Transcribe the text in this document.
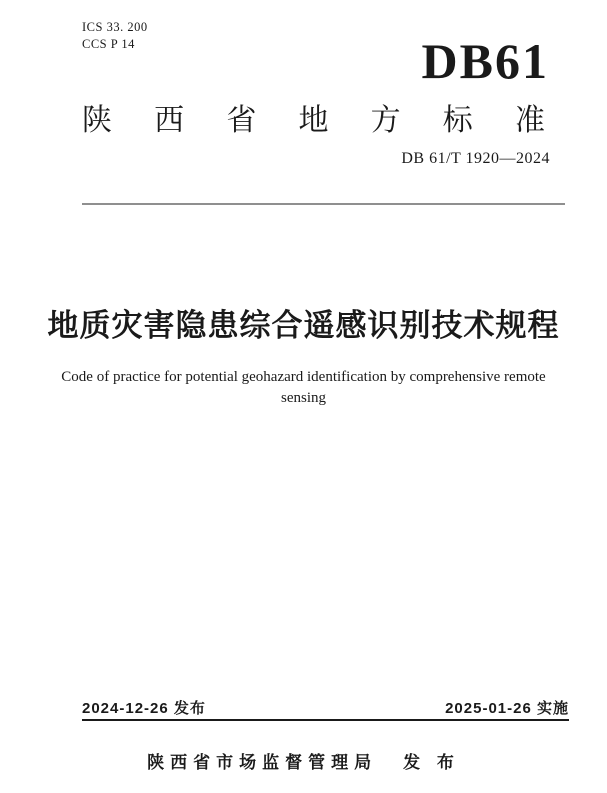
ICS 33. 200
CCS P 14	DB61
陕 西 省 地 方 标 准
DB 61/T 1920—2024
地质灾害隐患综合遥感识别技术规程
Code of practice for potential geohazard identification by comprehensive remote
sensing
2024-12-26 发布	2025-01-26 实施
陕西省市场监督管理局 发 布
